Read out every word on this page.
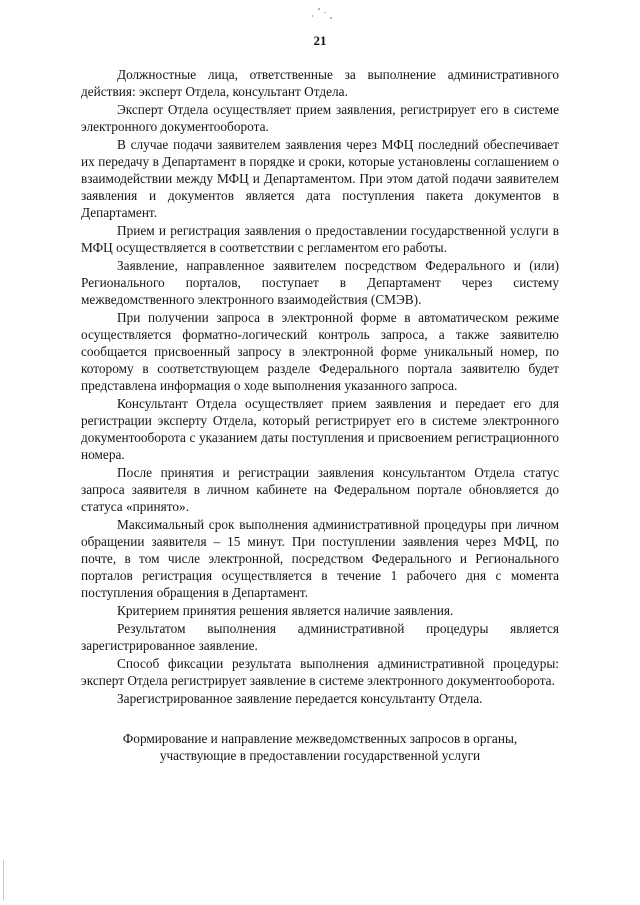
21

Должностные лица, ответственные за выполнение административного действия: эксперт Отдела, консультант Отдела.

Эксперт Отдела осуществляет прием заявления, регистрирует его в системе электронного документооборота.

В случае подачи заявителем заявления через МФЦ последний обеспечивает их передачу в Департамент в порядке и сроки, которые установлены соглашением о взаимодействии между МФЦ и Департаментом. При этом датой подачи заявителем заявления и документов является дата поступления пакета документов в Департамент.

Прием и регистрация заявления о предоставлении государственной услуги в МФЦ осуществляется в соответствии с регламентом его работы.

Заявление, направленное заявителем посредством Федерального и (или) Регионального порталов, поступает в Департамент через систему межведомственного электронного взаимодействия (СМЭВ).

При получении запроса в электронной форме в автоматическом режиме осуществляется форматно-логический контроль запроса, а также заявителю сообщается присвоенный запросу в электронной форме уникальный номер, по которому в соответствующем разделе Федерального портала заявителю будет представлена информация о ходе выполнения указанного запроса.

Консультант Отдела осуществляет прием заявления и передает его для регистрации эксперту Отдела, который регистрирует его в системе электронного документооборота с указанием даты поступления и присвоением регистрационного номера.

После принятия и регистрации заявления консультантом Отдела статус запроса заявителя в личном кабинете на Федеральном портале обновляется до статуса «принято».

Максимальный срок выполнения административной процедуры при личном обращении заявителя – 15 минут. При поступлении заявления через МФЦ, по почте, в том числе электронной, посредством Федерального и Регионального порталов регистрация осуществляется в течение 1 рабочего дня с момента поступления обращения в Департамент.

Критерием принятия решения является наличие заявления.

Результатом выполнения административной процедуры является зарегистрированное заявление.

Способ фиксации результата выполнения административной процедуры: эксперт Отдела регистрирует заявление в системе электронного документооборота.

Зарегистрированное заявление передается консультанту Отдела.

Формирование и направление межведомственных запросов в органы,
участвующие в предоставлении государственной услуги
